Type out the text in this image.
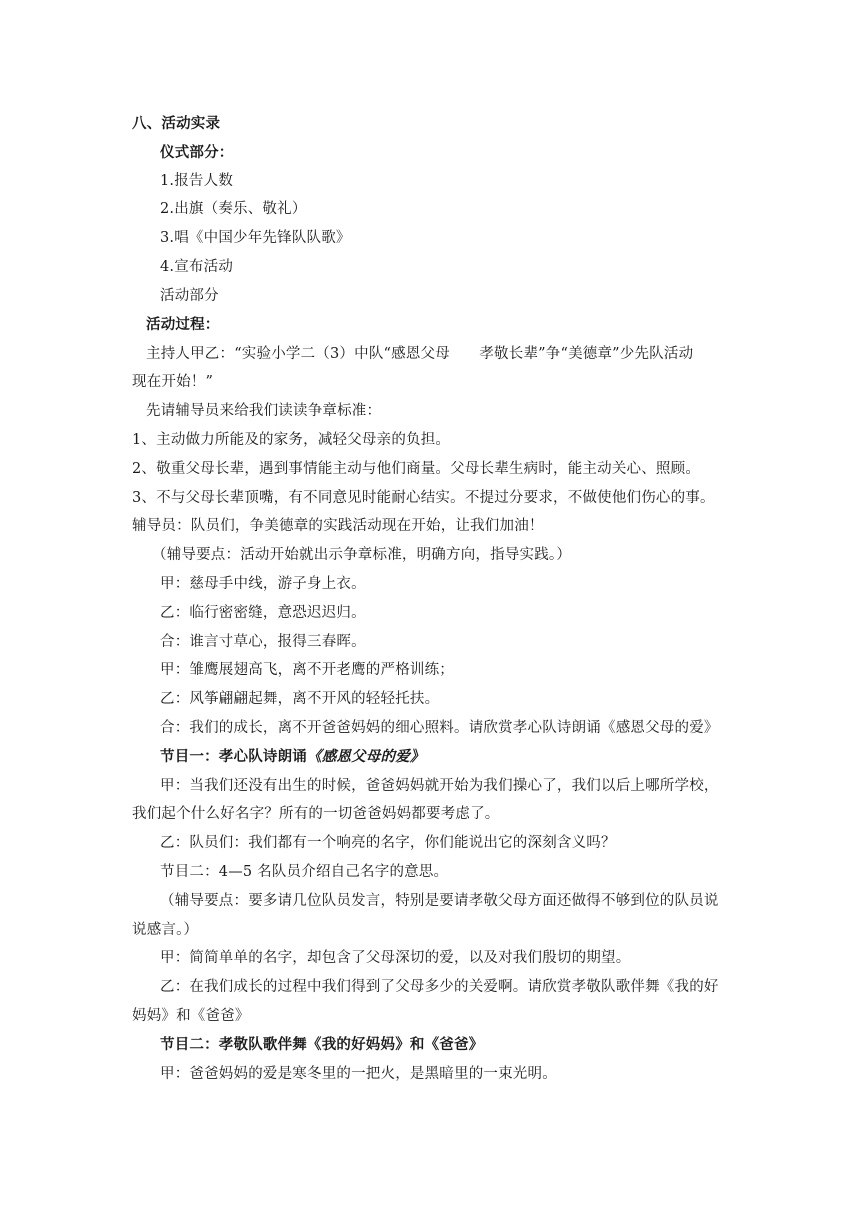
八、活动实录
仪式部分：
1.报告人数
2.出旗（奏乐、敬礼）
3.唱《中国少年先锋队队歌》
4.宣布活动
活动部分
活动过程：
主持人甲乙：“实验小学二（3）中队“感恩父母　　孝敬长辈”争“美德章”少先队活动
现在开始！”
先请辅导员来给我们读读争章标准：
1、主动做力所能及的家务，减轻父母亲的负担。
2、敬重父母长辈，遇到事情能主动与他们商量。父母长辈生病时，能主动关心、照顾。
3、不与父母长辈顶嘴，有不同意见时能耐心结实。不提过分要求，不做使他们伤心的事。
辅导员：队员们，争美德章的实践活动现在开始，让我们加油！
（辅导要点：活动开始就出示争章标准，明确方向，指导实践。）
甲：慈母手中线，游子身上衣。
乙：临行密密缝，意恐迟迟归。
合：谁言寸草心，报得三春晖。
甲：雏鹰展翅高飞，离不开老鹰的严格训练；
乙：风筝翩翩起舞，离不开风的轻轻托扶。
合：我们的成长，离不开爸爸妈妈的细心照料。请欣赏孝心队诗朗诵《感恩父母的爱》
节目一：孝心队诗朗诵《感恩父母的爱》
甲：当我们还没有出生的时候，爸爸妈妈就开始为我们操心了，我们以后上哪所学校，
我们起个什么好名字？所有的一切爸爸妈妈都要考虑了。
乙：队员们：我们都有一个响亮的名字，你们能说出它的深刻含义吗？
节目二：4—5 名队员介绍自己名字的意思。
（辅导要点：要多请几位队员发言，特别是要请孝敬父母方面还做得不够到位的队员说
说感言。）
甲：简简单单的名字，却包含了父母深切的爱，以及对我们殷切的期望。
乙：在我们成长的过程中我们得到了父母多少的关爱啊。请欣赏孝敬队歌伴舞《我的好
妈妈》和《爸爸》
节目二：孝敬队歌伴舞《我的好妈妈》和《爸爸》
甲：爸爸妈妈的爱是寒冬里的一把火，是黑暗里的一束光明。
